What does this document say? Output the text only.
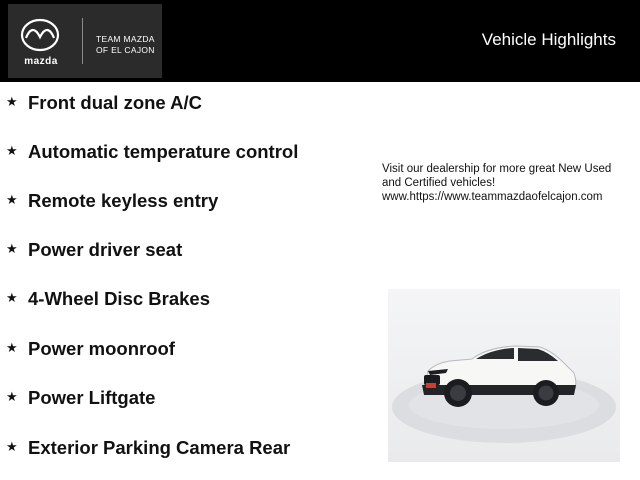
mazda
TEAM MAZDA
OF EL CAJON
Vehicle Highlights
★ Front dual zone A/C
★ Automatic temperature control
★ Remote keyless entry
★ Power driver seat
★ 4-Wheel Disc Brakes
★ Power moonroof
★ Power Liftgate
★ Exterior Parking Camera Rear
Visit our dealership for more great New Used
and Certified vehicles!
www.https://www.teammazdaofelcajon.com
